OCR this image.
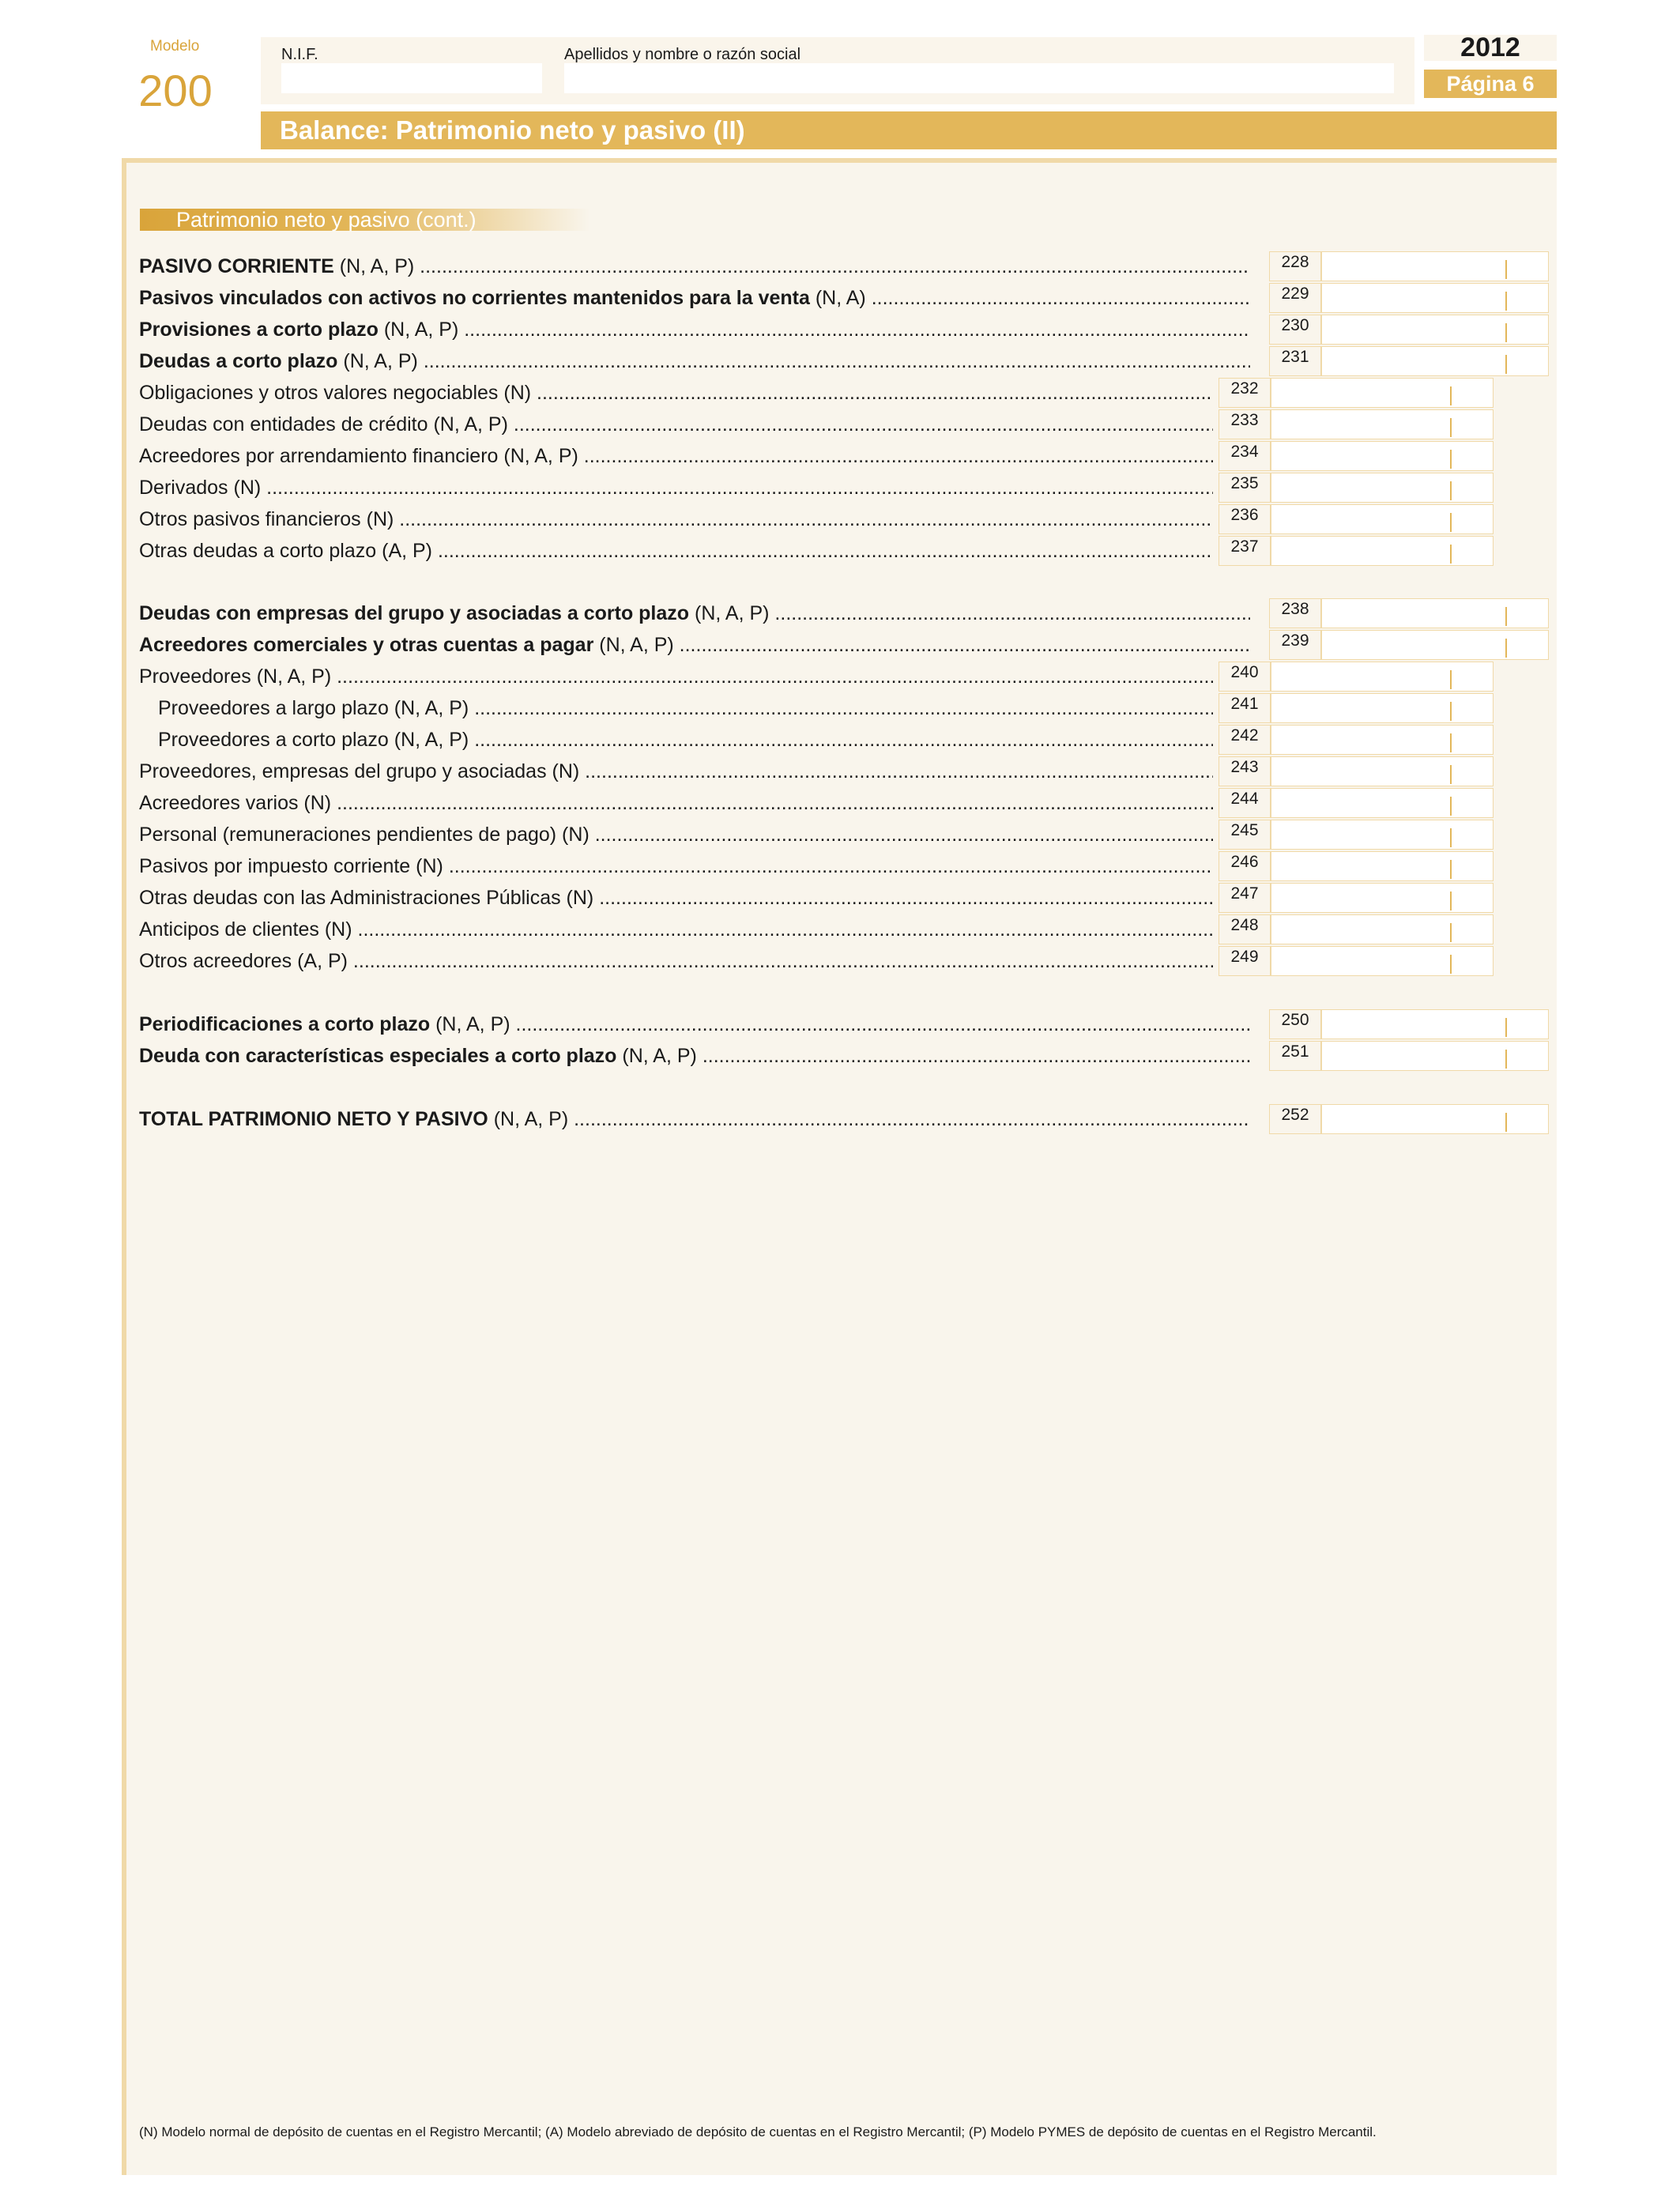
Modelo
200
N.I.F.	Apellidos y nombre o razón social	2012
Página 6
Balance: Patrimonio neto y pasivo (II)
Patrimonio neto y pasivo (cont.)
PASIVO CORRIENTE (N, A, P) .....	228
Pasivos vinculados con activos no corrientes mantenidos para la venta (N, A) .....	229
Provisiones a corto plazo (N, A, P) .....	230
Deudas a corto plazo (N, A, P) .....	231
Obligaciones y otros valores negociables (N) .....	232
Deudas con entidades de crédito (N, A, P) .....	233
Acreedores por arrendamiento financiero (N, A, P) .....	234
Derivados (N) .....	235
Otros pasivos financieros (N) .....	236
Otras deudas a corto plazo (A, P) .....	237
Deudas con empresas del grupo y asociadas a corto plazo (N, A, P) .....	238
Acreedores comerciales y otras cuentas a pagar (N, A, P) .....	239
Proveedores (N, A, P) .....	240
Proveedores a largo plazo (N, A, P) .....	241
Proveedores a corto plazo (N, A, P) .....	242
Proveedores, empresas del grupo y asociadas (N) .....	243
Acreedores varios (N) .....	244
Personal (remuneraciones pendientes de pago) (N) .....	245
Pasivos por impuesto corriente (N) .....	246
Otras deudas con las Administraciones Públicas (N) .....	247
Anticipos de clientes (N) .....	248
Otros acreedores (A, P) .....	249
Periodificaciones a corto plazo (N, A, P) .....	250
Deuda con características especiales a corto plazo (N, A, P) .....	251
TOTAL PATRIMONIO NETO Y PASIVO (N, A, P) .....	252
(N) Modelo normal de depósito de cuentas en el Registro Mercantil; (A) Modelo abreviado de depósito de cuentas en el Registro Mercantil; (P) Modelo PYMES de depósito de cuentas en el Registro Mercantil.
